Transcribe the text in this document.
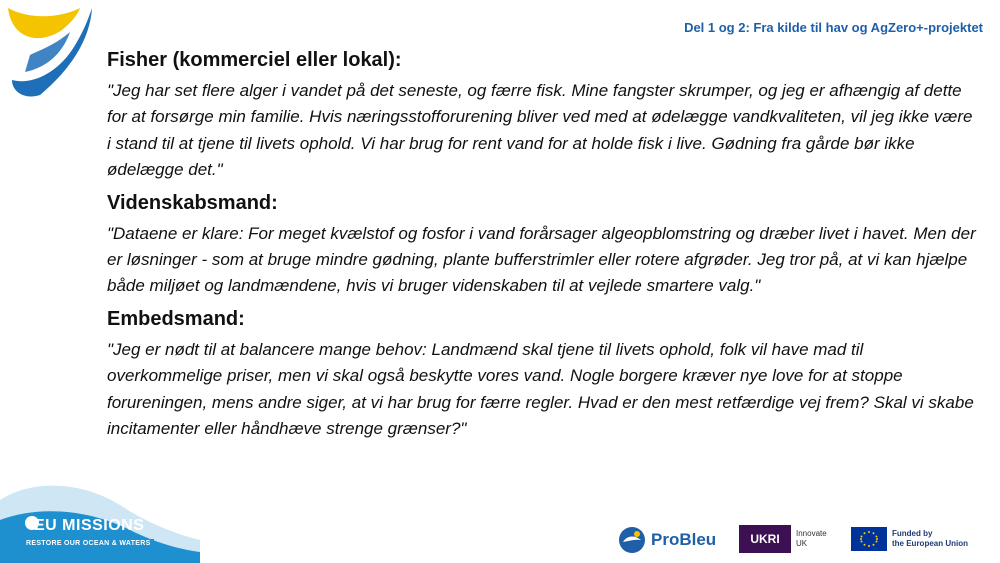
Del 1 og 2: Fra kilde til hav og AgZero+-projektet
Fisher (kommerciel eller lokal):

"Jeg har set flere alger i vandet på det seneste, og færre fisk. Mine fangster skrumper, og jeg er afhængig af dette for at forsørge min familie. Hvis næringsstofforurening bliver ved med at ødelægge vandkvaliteten, vil jeg ikke være i stand til at tjene til livets ophold. Vi har brug for rent vand for at holde fisk i live. Gødning fra gårde bør ikke ødelægge det."

Videnskabsmand:

"Dataene er klare: For meget kvælstof og fosfor i vand forårsager algeopblomstring og dræber livet i havet. Men der er løsninger - som at bruge mindre gødning, plante bufferstrimler eller rotere afgrøder. Jeg tror på, at vi kan hjælpe både miljøet og landmændene, hvis vi bruger videnskaben til at vejlede smartere valg."

Embedsmand:

"Jeg er nødt til at balancere mange behov: Landmænd skal tjene til livets ophold, folk vil have mad til overkommelige priser, men vi skal også beskytte vores vand. Nogle borgere kræver nye love for at stoppe forureningen, mens andre siger, at vi har brug for færre regler. Hvad er den mest retfærdige vej frem? Skal vi skabe incitamenter eller håndhæve strenge grænser?"

EU MISSIONS
RESTORE OUR OCEAN & WATERS	ProBleu	UKRI	Innovate
UK
Funded by
the European Union
